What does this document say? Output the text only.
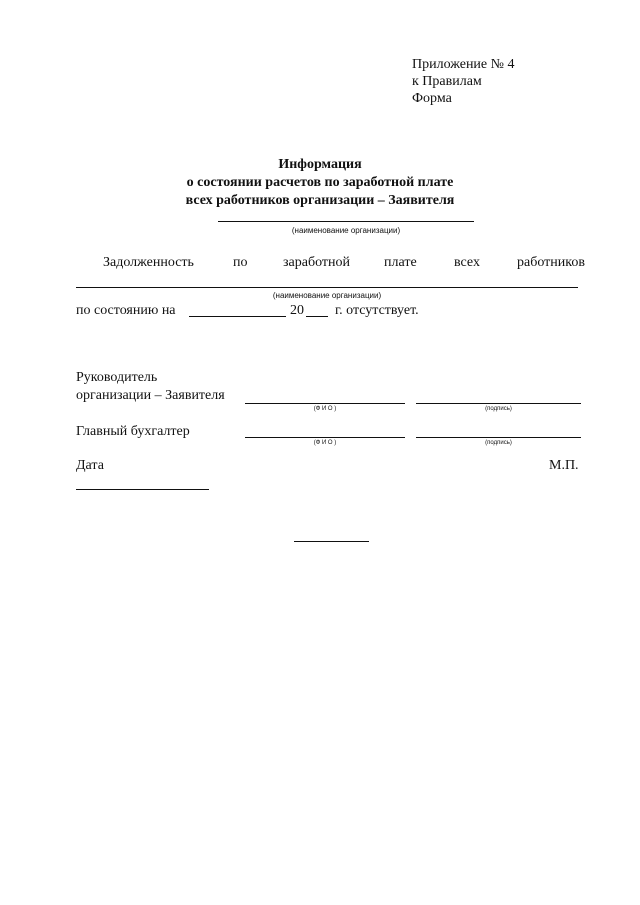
Приложение № 4
к Правилам
Форма
Информация
о состоянии расчетов по заработной плате
всех работников организации – Заявителя
(наименование организации)
Задолженность	по	заработной плате	всех	работников
(наименование организации)
по состоянию на	20 г. отсутствует.
Руководитель
организации – Заявителя
(Ф И О )	(подпись)
Главный бухгалтер
(Ф И О )	(подпись)
Дата	М.П.
